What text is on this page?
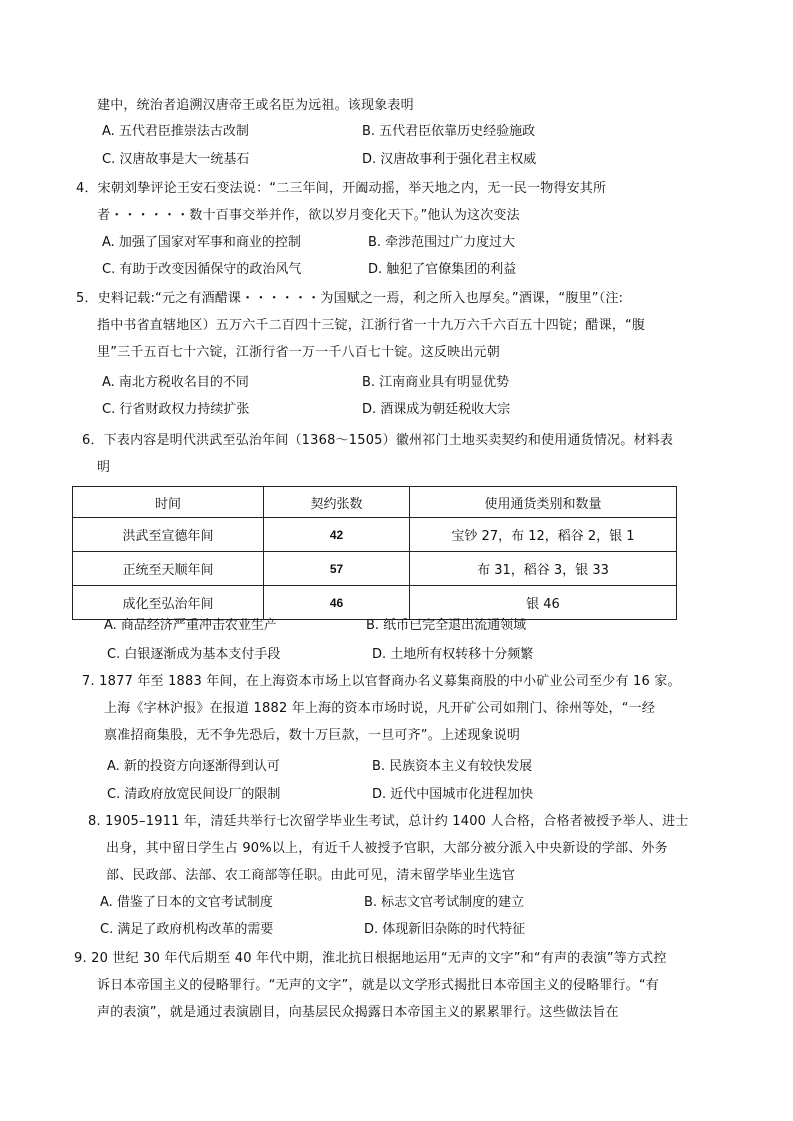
建中，统治者追溯汉唐帝王或名臣为远祖。该现象表明
A. 五代君臣推崇法古改制	B. 五代君臣依靠历史经验施政
C. 汉唐故事是大一统基石	D. 汉唐故事利于强化君主权威
4．宋朝刘挚评论王安石变法说：“二三年间，开阖动摇，举天地之内，无一民一物得安其所
者・・・・・・数十百事交举并作，欲以岁月变化天下。”他认为这次变法
A. 加强了国家对军事和商业的控制	B. 牵涉范围过广力度过大
C. 有助于改变因循保守的政治风气	D. 触犯了官僚集团的利益
5．史料记载:“元之有酒醋课・・・・・・为国赋之一焉，利之所入也厚矣。”酒课，“腹里”（注:
指中书省直辖地区）五万六千二百四十三锭，江浙行省一十九万六千六百五十四锭；醋课，“腹
里”三千五百七十六锭，江浙行省一万一千八百七十锭。这反映出元朝
A. 南北方税收名目的不同	B. 江南商业具有明显优势
C. 行省财政权力持续扩张	D. 酒课成为朝廷税收大宗
6．下表内容是明代洪武至弘治年间（1368～1505）徽州祁门土地买卖契约和使用通货情况。材料表
明
时间	契约张数	使用通货类别和数量
洪武至宣德年间	42	宝钞 27，布 12，稻谷 2，银 1
正统至天顺年间	57	布 31，稻谷 3，银 33
成化至弘治年间	46	银 46
A. 商品经济严重冲击农业生产	B. 纸币已完全退出流通领域
C. 白银逐渐成为基本支付手段	D. 土地所有权转移十分频繁
7. 1877 年至 1883 年间，在上海资本市场上以官督商办名义募集商股的中小矿业公司至少有 16 家。
上海《字林沪报》在报道 1882 年上海的资本市场时说，凡开矿公司如荆门、徐州等处，“一经
禀准招商集股，无不争先恐后，数十万巨款，一旦可齐”。上述现象说明
A. 新的投资方向逐渐得到认可	B. 民族资本主义有较快发展
C. 清政府放宽民间设厂的限制	D. 近代中国城市化进程加快
8. 1905–1911 年，清廷共举行七次留学毕业生考试，总计约 1400 人合格，合格者被授予举人、进士
出身，其中留日学生占 90%以上，有近千人被授予官职，大部分被分派入中央新设的学部、外务
部、民政部、法部、农工商部等任职。由此可见，清末留学毕业生选官
A. 借鉴了日本的文官考试制度	B. 标志文官考试制度的建立
C. 满足了政府机构改革的需要	D. 体现新旧杂陈的时代特征
9. 20 世纪 30 年代后期至 40 年代中期，淮北抗日根据地运用“无声的文字”和“有声的表演”等方式控
诉日本帝国主义的侵略罪行。“无声的文字”，就是以文学形式揭批日本帝国主义的侵略罪行。“有
声的表演”，就是通过表演剧目，向基层民众揭露日本帝国主义的累累罪行。这些做法旨在
